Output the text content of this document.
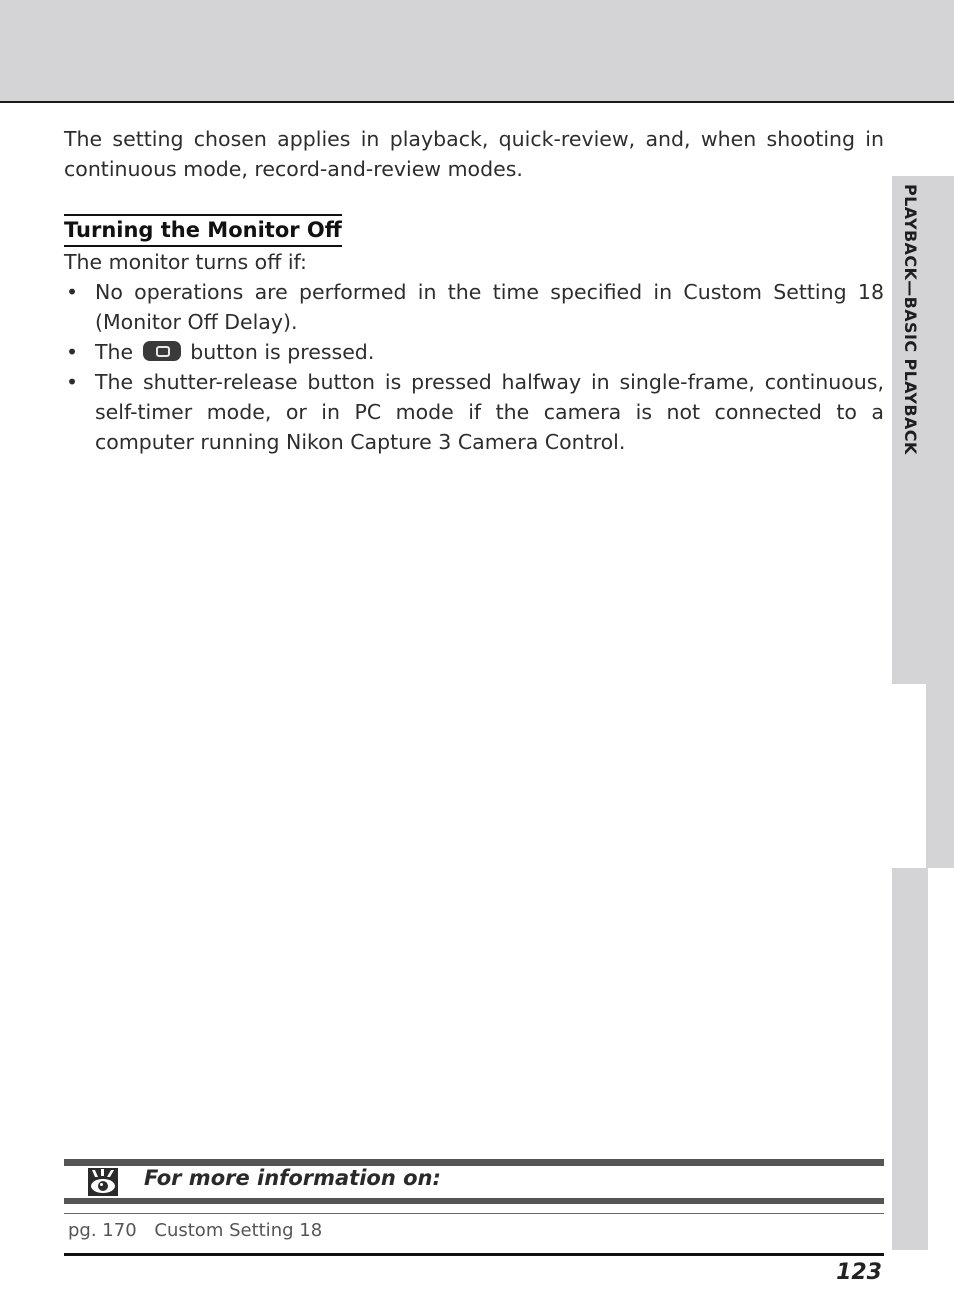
PLAYBACK—BASIC PLAYBACK

The setting chosen applies in playback, quick-review, and, when shooting in continuous mode, record-and-review modes.

Turning the Monitor Off

The monitor turns off if:

• No operations are performed in the time specified in Custom Setting 18 (Monitor Off Delay).
• The	button is pressed.
• The shutter-release button is pressed halfway in single-frame, continuous, self-timer mode, or in PC mode if the camera is not connected to a computer running Nikon Capture 3 Camera Control.
For more information on:
pg. 170 Custom Setting 18
123
